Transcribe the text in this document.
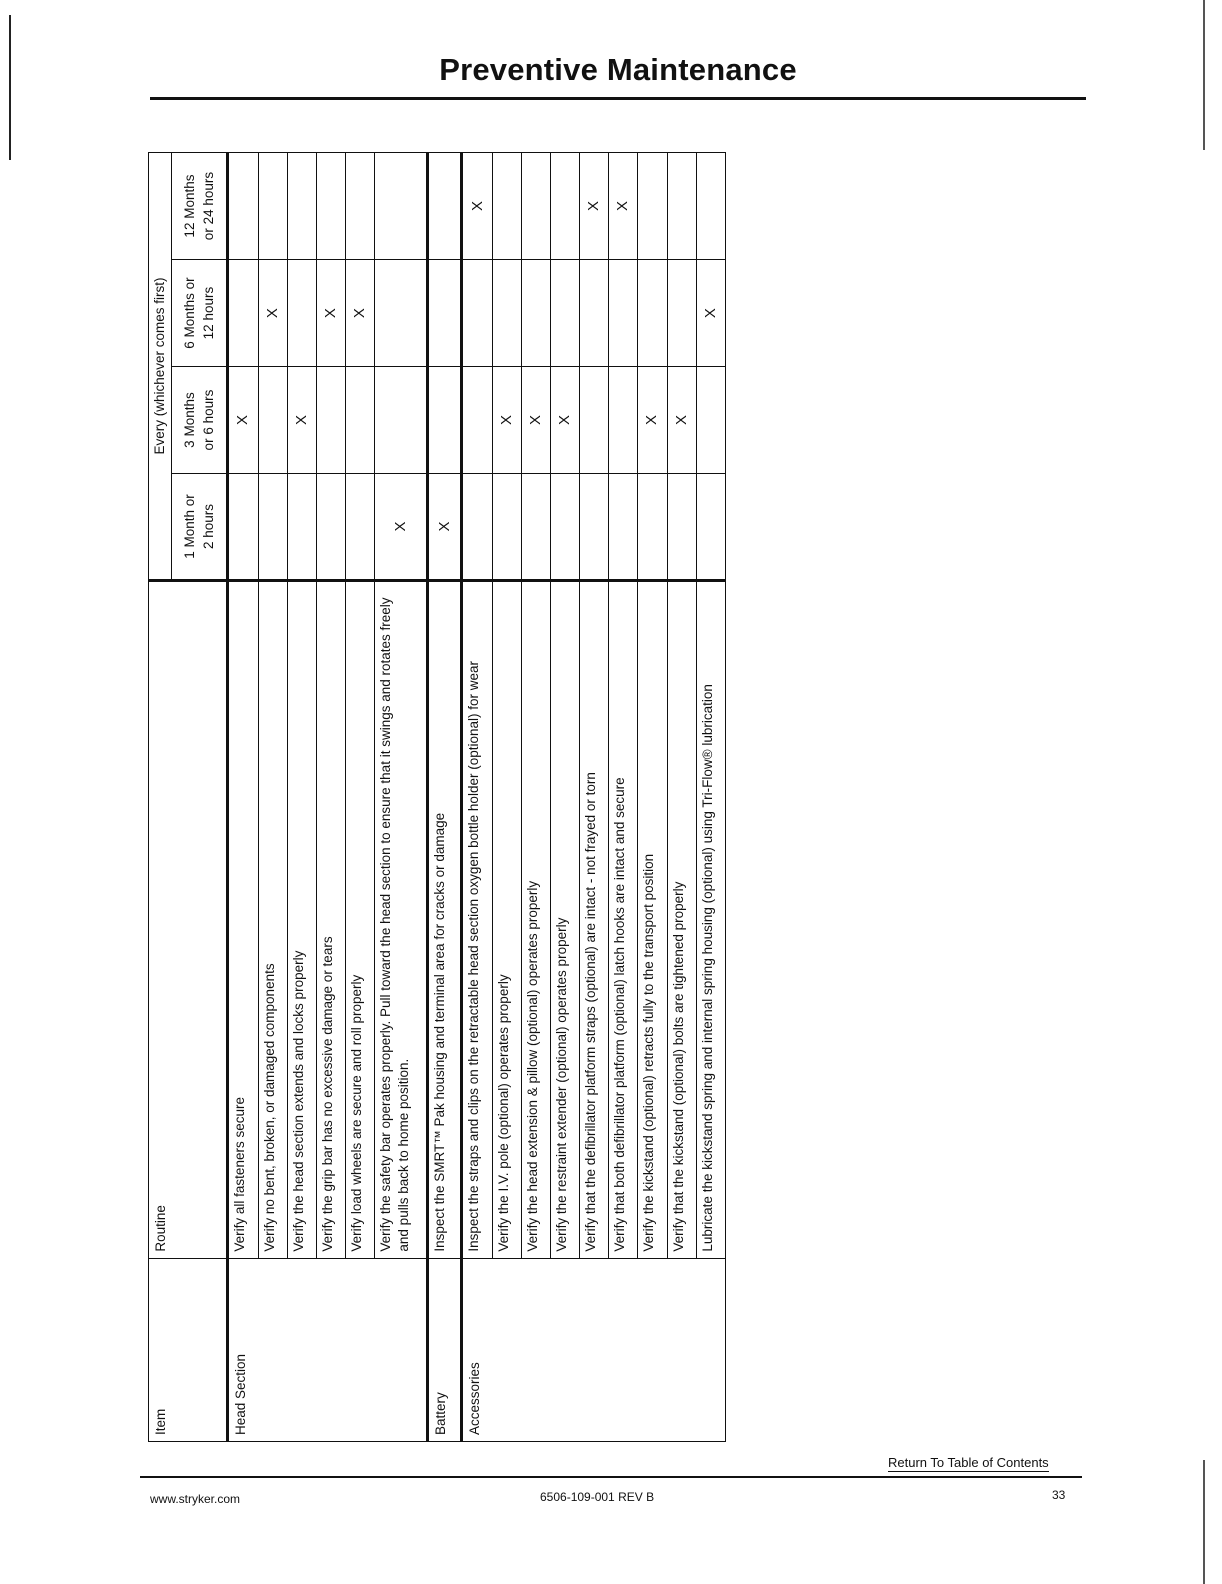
Preventive Maintenance
Item	Routine	Every (whichever comes first)			
		1 Month or 2 hours	3 Months or 6 hours	6 Months or 12 hours	12 Months or 24 hours
Head Section	Verify all fasteners secure		X		
	Verify no bent, broken, or damaged components			X	
	Verify the head section extends and locks properly		X		
	Verify the grip bar has no excessive damage or tears			X	
	Verify load wheels are secure and roll properly			X	
	Verify the safety bar operates properly. Pull toward the head section to ensure that it swings and rotates freely and pulls back to home position.	X			
Battery	Inspect the SMRT™ Pak housing and terminal area for cracks or damage	X			
Accessories	Inspect the straps and clips on the retractable head section oxygen bottle holder (optional) for wear				X
	Verify the I.V. pole (optional) operates properly		X		
	Verify the head extension & pillow (optional) operates properly		X		
	Verify the restraint extender (optional) operates properly		X		
	Verify that the defibrillator platform straps (optional) are intact - not frayed or torn				X
	Verify that both defibrillator platform (optional) latch hooks are intact and secure				X
	Verify the kickstand (optional) retracts fully to the transport position		X		
	Verify that the kickstand (optional) bolts are tightened properly		X		
	Lubricate the kickstand spring and internal spring housing (optional) using Tri-Flow® lubrication			X	
Return To Table of Contents
www.stryker.com	6506-109-001 REV B	33
